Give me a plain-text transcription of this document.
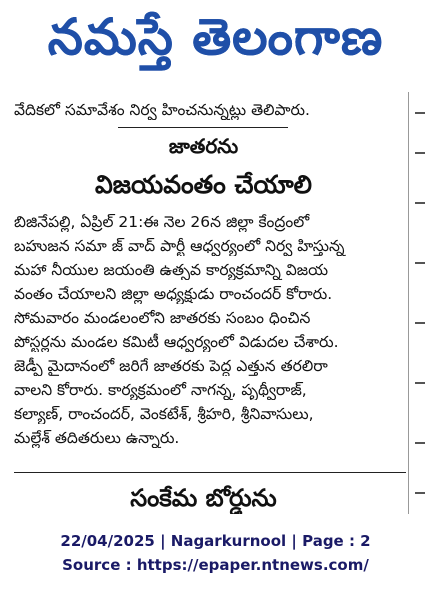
నమస్తే తెలంగాణ
వేదికలో సమావేశం నిర్వ హించనున్నట్లు తెలిపారు.
జాతరను
విజయవంతం చేయాలి
బిజినేపల్లి, ఏప్రిల్ 21:ఈ నెల 26న జిల్లా కేంద్రంలో
బహుజన సమా జ్ వాద్ పార్టీ ఆధ్వర్యంలో నిర్వ హిస్తున్న
మహా నీయుల జయంతి ఉత్సవ కార్యక్రమాన్ని విజయ
వంతం చేయాలని జిల్లా అధ్యక్షుడు రాంచందర్ కోరారు.
సోమవారం మండలంలోని జాతరకు సంబం ధించిన
పోస్టర్లను మండల కమిటీ ఆధ్వర్యంలో విడుదల చేశారు.
జెడ్పీ మైదానంలో జరిగే జాతరకు పెద్ద ఎత్తున తరలిరా
వాలని కోరారు. కార్యక్రమంలో నాగన్న, పృథ్వీరాజ్,
కల్యాణ్, రాంచందర్, వెంకటేశ్, శ్రీహరి, శ్రీనివాసులు,
మల్లేశ్ తదితరులు ఉన్నారు.
సంకేమ బోర్డును
22/04/2025 | Nagarkurnool | Page : 2
Source : https://epaper.ntnews.com/
